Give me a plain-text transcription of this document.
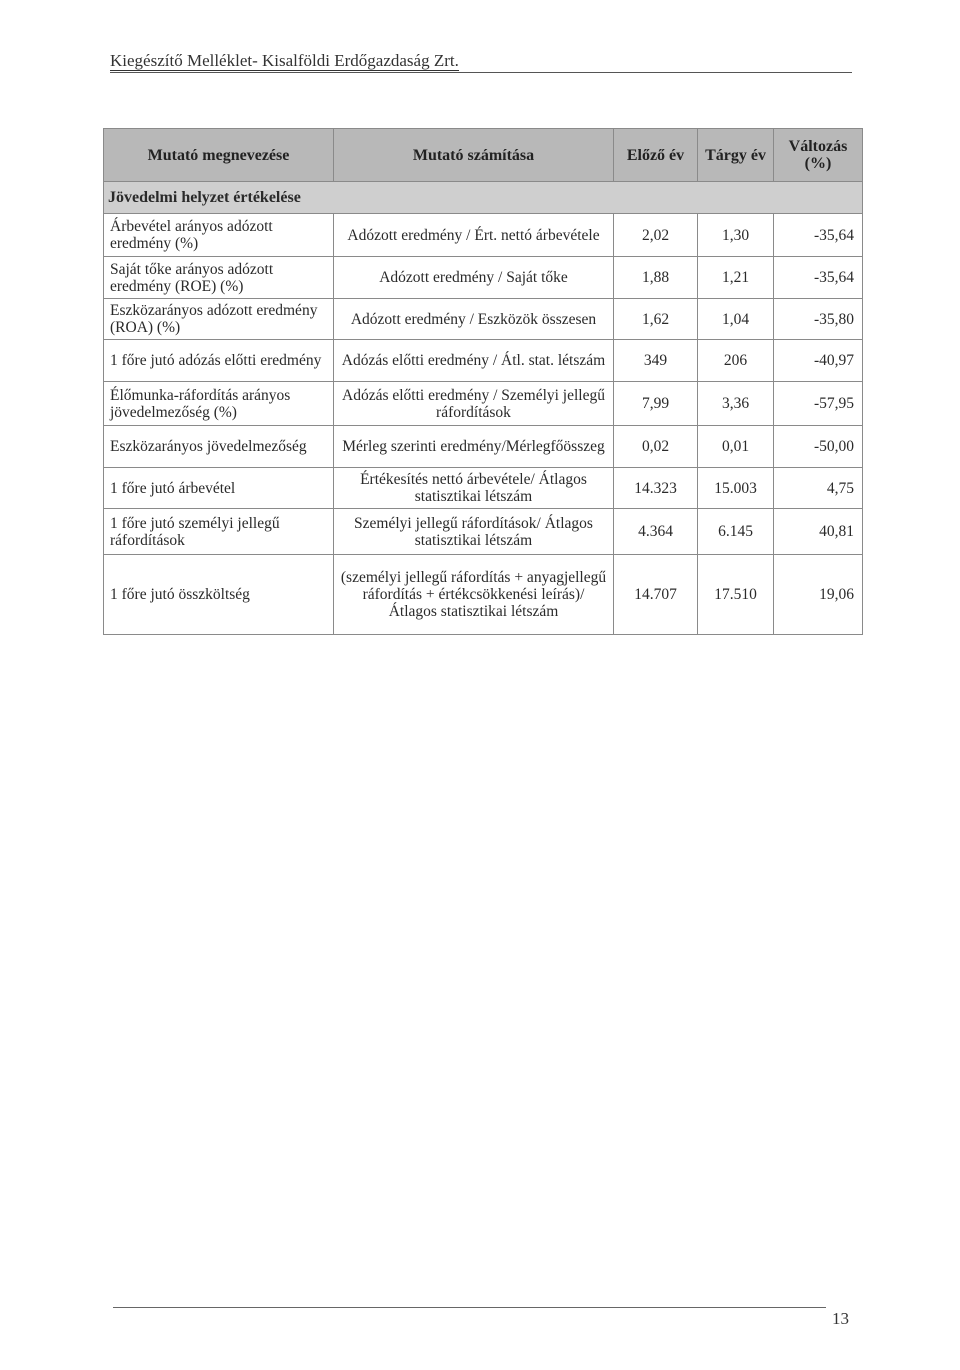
Kiegészítő Melléklet- Kisalföldi Erdőgazdaság Zrt.
Mutató megnevezése	Mutató számítása	Előző év	Tárgy év	Változás (%)
Jövedelmi helyzet értékelése				
Árbevétel arányos adózott eredmény (%)	Adózott eredmény / Ért. nettó árbevétele	2,02	1,30	-35,64
Saját tőke arányos adózott eredmény (ROE) (%)	Adózott eredmény / Saját tőke	1,88	1,21	-35,64
Eszközarányos adózott eredmény (ROA) (%)	Adózott eredmény / Eszközök összesen	1,62	1,04	-35,80
1 főre jutó adózás előtti eredmény	Adózás előtti eredmény / Átl. stat. létszám	349	206	-40,97
Élőmunka-ráfordítás arányos jövedelmezőség (%)	Adózás előtti eredmény / Személyi jellegű ráfordítások	7,99	3,36	-57,95
Eszközarányos jövedelmezőség	Mérleg szerinti eredmény/Mérlegfőösszeg	0,02	0,01	-50,00
1 főre jutó árbevétel	Értékesítés nettó árbevétele/ Átlagos statisztikai létszám	14.323	15.003	4,75
1 főre jutó személyi jellegű ráfordítások	Személyi jellegű ráfordítások/ Átlagos statisztikai létszám	4.364	6.145	40,81
1 főre jutó összköltség	(személyi jellegű ráfordítás + anyagjellegű ráfordítás + értékcsökkenési leírás)/ Átlagos statisztikai létszám	14.707	17.510	19,06
13
